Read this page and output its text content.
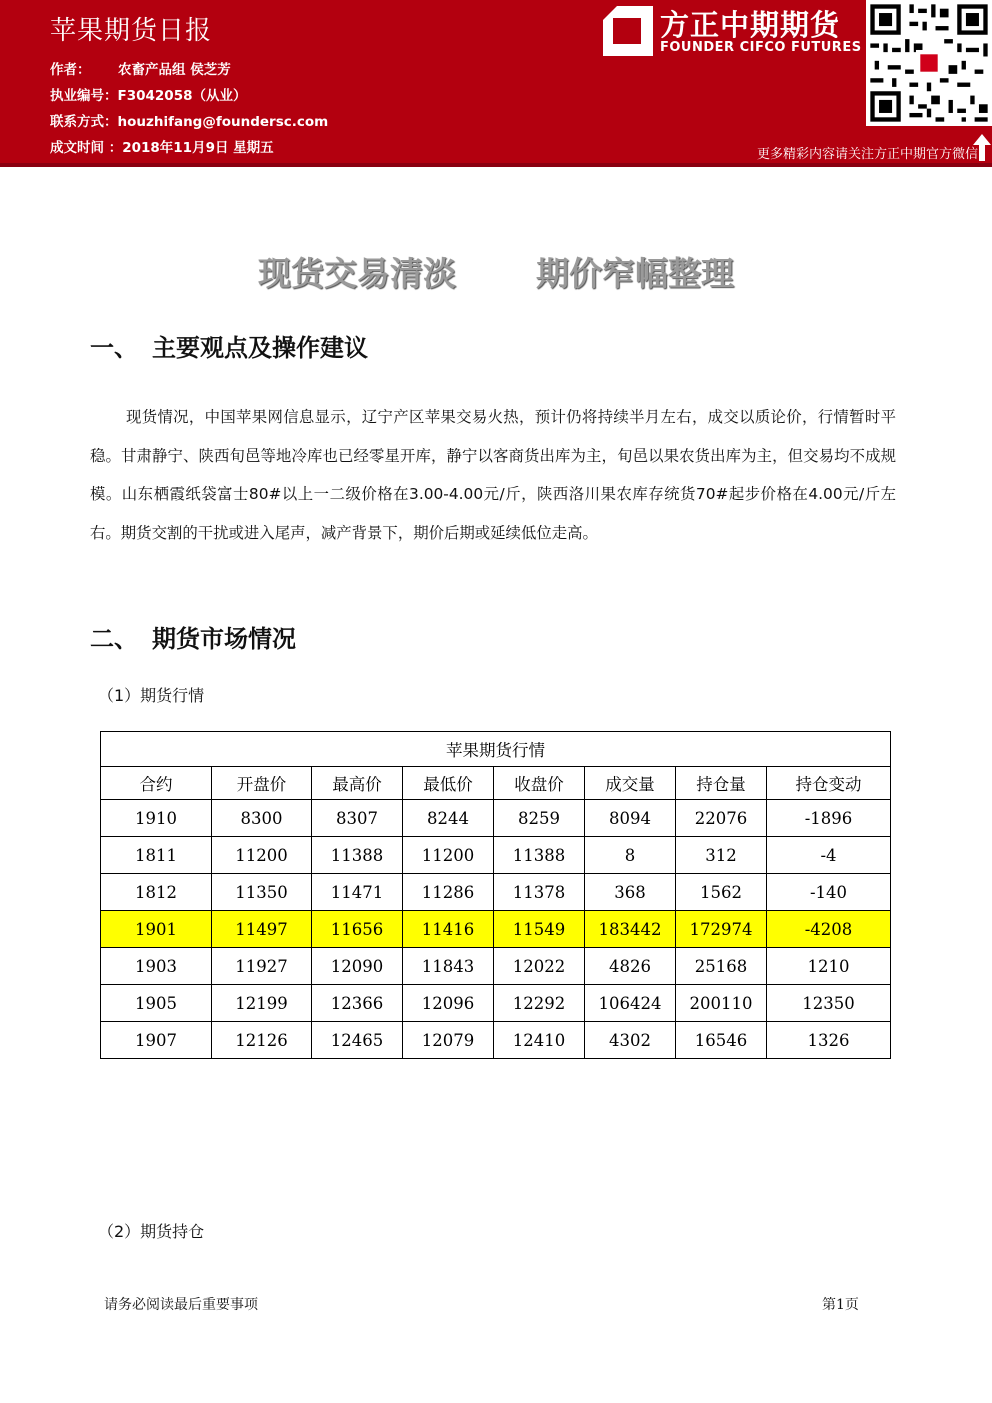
苹果期货日报
作者： 农畜产品组 侯芝芳
执业编号：F3042058（从业）
联系方式：houzhifang@foundersc.com
成文时间 ：2018年11月9日 星期五
方正中期期货
FOUNDER CIFCO FUTURES
更多精彩内容请关注方正中期官方微信
现货交易清淡 期价窄幅整理
一、 主要观点及操作建议
现货情况，中国苹果网信息显示，辽宁产区苹果交易火热，预计仍将持续半月左右，成交以质论价，行情暂时平稳。甘肃静宁、陕西旬邑等地冷库也已经零星开库，静宁以客商货出库为主，旬邑以果农货出库为主，但交易均不成规模。山东栖霞纸袋富士80#以上一二级价格在3.00-4.00元/斤，陕西洛川果农库存统货70#起步价格在4.00元/斤左右。期货交割的干扰或进入尾声，减产背景下，期价后期或延续低位走高。
二、 期货市场情况
（1）期货行情
苹果期货行情							
合约	开盘价	最高价	最低价	收盘价	成交量	持仓量	持仓变动
1910	8300	8307	8244	8259	8094	22076	-1896
1811	11200	11388	11200	11388	8	312	-4
1812	11350	11471	11286	11378	368	1562	-140
1901	11497	11656	11416	11549	183442	172974	-4208
1903	11927	12090	11843	12022	4826	25168	1210
1905	12199	12366	12096	12292	106424	200110	12350
1907	12126	12465	12079	12410	4302	16546	1326
（2）期货持仓
请务必阅读最后重要事项	第1页
